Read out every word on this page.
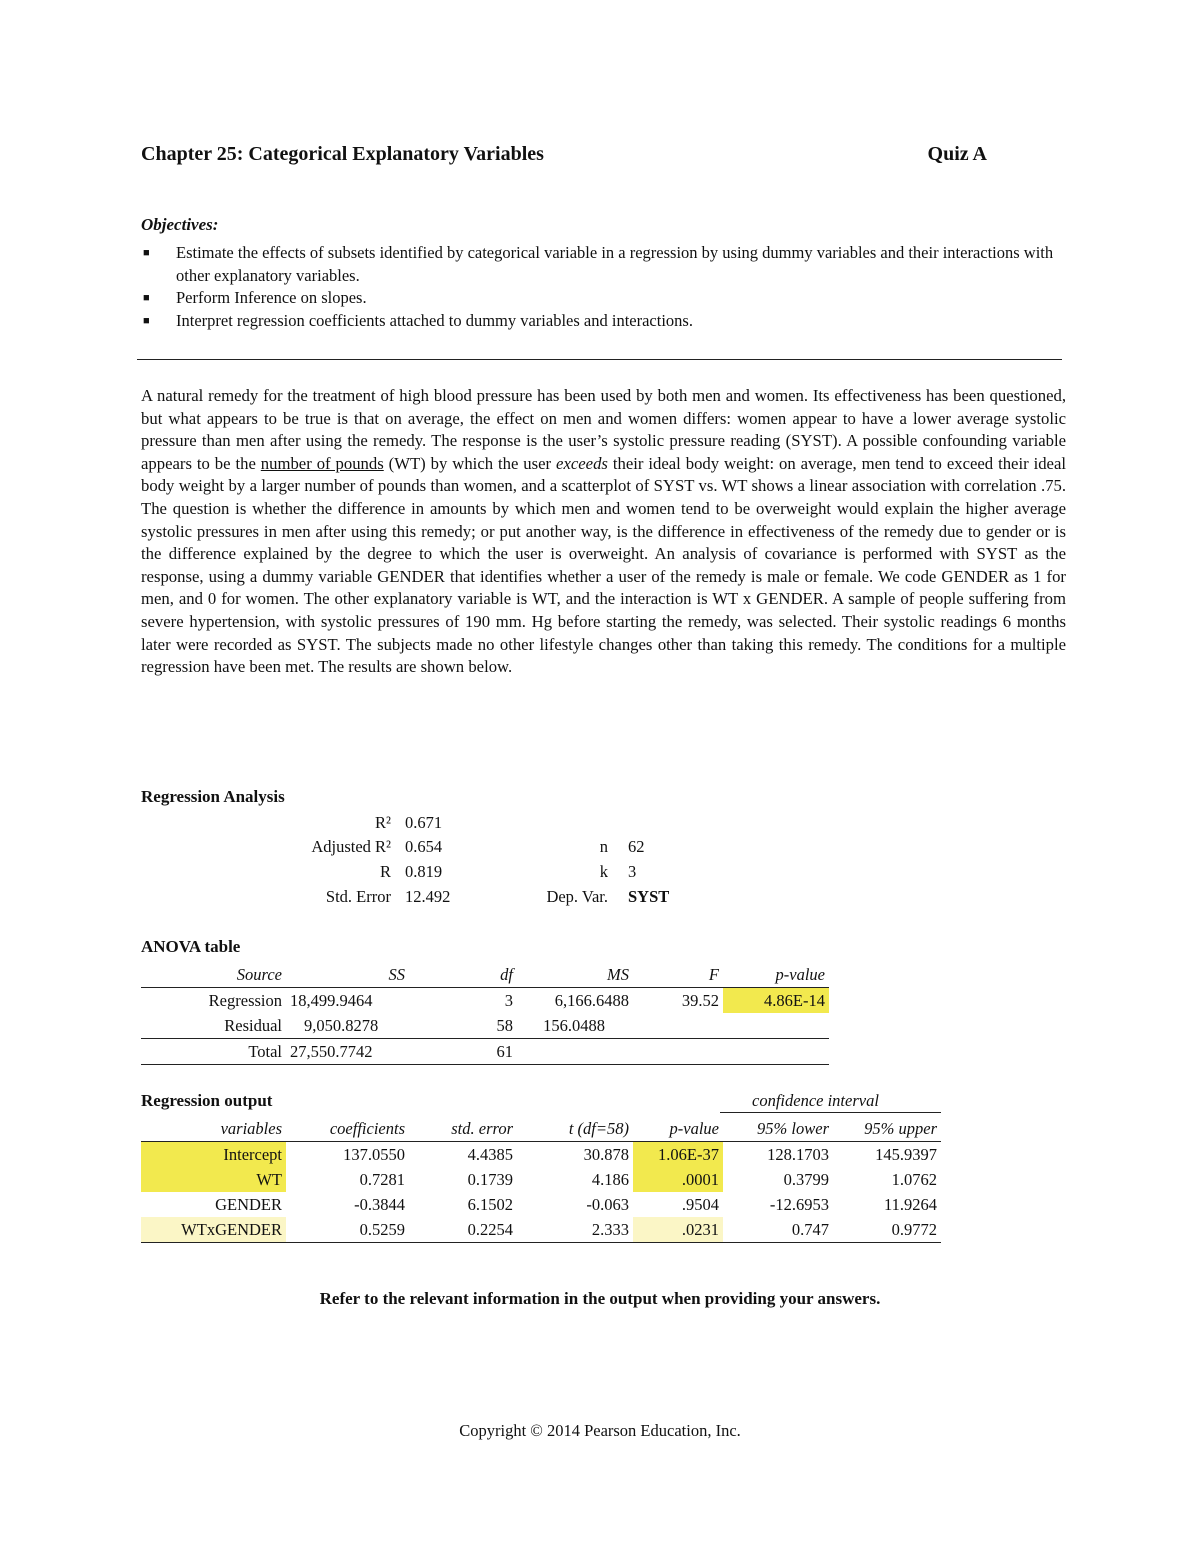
Chapter 25: Categorical Explanatory Variables	Quiz A
Objectives:
■ Estimate the effects of subsets identified by categorical variable in a regression by using dummy variables and their interactions with other explanatory variables.
■ Perform Inference on slopes.
■ Interpret regression coefficients attached to dummy variables and interactions.

A natural remedy for the treatment of high blood pressure has been used by both men and women. Its effectiveness has been questioned, but what appears to be true is that on average, the effect on men and women differs: women appear to have a lower average systolic pressure than men after using the remedy. The response is the user’s systolic pressure reading (SYST). A possible confounding variable appears to be the number of pounds (WT) by which the user exceeds their ideal body weight: on average, men tend to exceed their ideal body weight by a larger number of pounds than women, and a scatterplot of SYST vs. WT shows a linear association with correlation .75. The question is whether the difference in amounts by which men and women tend to be overweight would explain the higher average systolic pressures in men after using this remedy; or put another way, is the difference in effectiveness of the remedy due to gender or is the difference explained by the degree to which the user is overweight. An analysis of covariance is performed with SYST as the response, using a dummy variable GENDER that identifies whether a user of the remedy is male or female. We code GENDER as 1 for men, and 0 for women. The other explanatory variable is WT, and the interaction is WT x GENDER. A sample of people suffering from severe hypertension, with systolic pressures of 190 mm. Hg before starting the remedy, was selected. Their systolic readings 6 months later were recorded as SYST. The subjects made no other lifestyle changes other than taking this remedy. The conditions for a multiple regression have been met. The results are shown below.

Regression Analysis
R² 0.671
Adjusted R² 0.654	n 62
R 0.819	k 3
Std. Error 12.492	Dep. Var. SYST
ANOVA table
Source	SS	df	MS	F	p-value
Regression	18,499.9464	3	6,166.6488	39.52	4.86E-14
Residual	9,050.8278	58	156.0488		
Total	27,550.7742	61			
Regression output	confidence interval
variables	coefficients	std. error	t (df=58)	p-value	95% lower	95% upper
Intercept	137.0550	4.4385	30.878	1.06E-37	128.1703	145.9397
WT	0.7281	0.1739	4.186	.0001	0.3799	1.0762
GENDER	-0.3844	6.1502	-0.063	.9504	-12.6953	11.9264
WTxGENDER	0.5259	0.2254	2.333	.0231	0.747	0.9772
Refer to the relevant information in the output when providing your answers.
Copyright © 2014 Pearson Education, Inc.
